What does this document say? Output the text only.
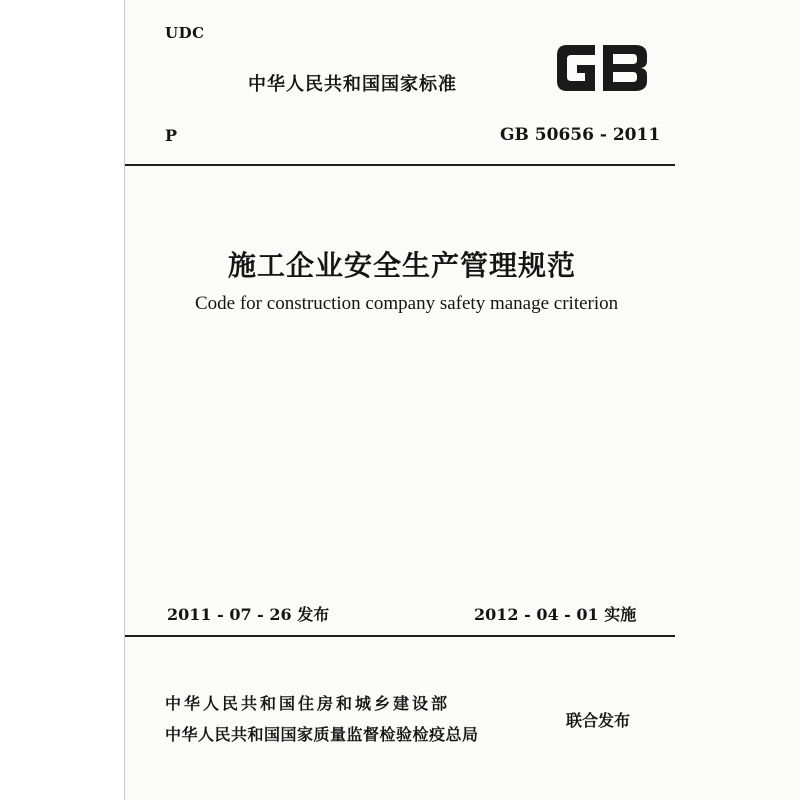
UDC
中华人民共和国国家标准
GB
P	GB 50656 - 2011
施工企业安全生产管理规范
Code for construction company safety manage criterion
2011 - 07 - 26 发布	2012 - 04 - 01 实施
中华人民共和国住房和城乡建设部
中华人民共和国国家质量监督检验检疫总局
联合发布
